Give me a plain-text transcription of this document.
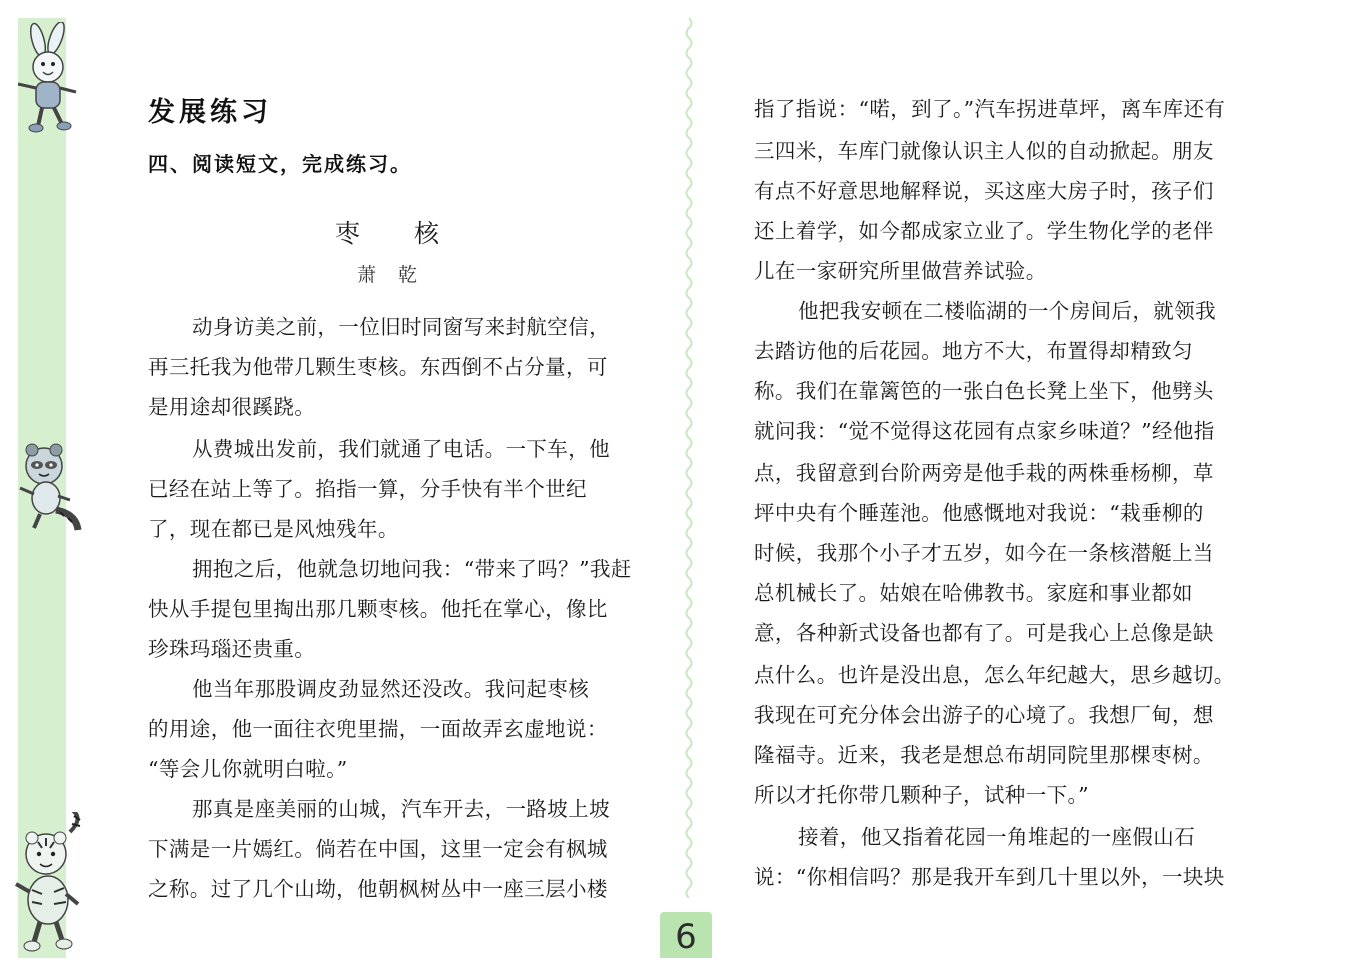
发展练习
四、阅读短文，完成练习。
枣 核
萧 乾
动身访美之前，一位旧时同窗写来封航空信，
再三托我为他带几颗生枣核。东西倒不占分量，可
是用途却很蹊跷。
从费城出发前，我们就通了电话。一下车，他
已经在站上等了。掐指一算，分手快有半个世纪
了，现在都已是风烛残年。
拥抱之后，他就急切地问我：“带来了吗？”我赶
快从手提包里掏出那几颗枣核。他托在掌心，像比
珍珠玛瑙还贵重。
他当年那股调皮劲显然还没改。我问起枣核
的用途，他一面往衣兜里揣，一面故弄玄虚地说：
“等会儿你就明白啦。”
那真是座美丽的山城，汽车开去，一路坡上坡
下满是一片嫣红。倘若在中国，这里一定会有枫城
之称。过了几个山坳，他朝枫树丛中一座三层小楼
指了指说：“喏，到了。”汽车拐进草坪，离车库还有
三四米，车库门就像认识主人似的自动掀起。朋友
有点不好意思地解释说，买这座大房子时，孩子们
还上着学，如今都成家立业了。学生物化学的老伴
儿在一家研究所里做营养试验。
他把我安顿在二楼临湖的一个房间后，就领我
去踏访他的后花园。地方不大，布置得却精致匀
称。我们在靠篱笆的一张白色长凳上坐下，他劈头
就问我：“觉不觉得这花园有点家乡味道？”经他指
点，我留意到台阶两旁是他手栽的两株垂杨柳，草
坪中央有个睡莲池。他感慨地对我说：“栽垂柳的
时候，我那个小子才五岁，如今在一条核潜艇上当
总机械长了。姑娘在哈佛教书。家庭和事业都如
意，各种新式设备也都有了。可是我心上总像是缺
点什么。也许是没出息，怎么年纪越大，思乡越切。
我现在可充分体会出游子的心境了。我想厂甸，想
隆福寺。近来，我老是想总布胡同院里那棵枣树。
所以才托你带几颗种子，试种一下。”
接着，他又指着花园一角堆起的一座假山石
说：“你相信吗？那是我开车到几十里以外，一块块
6
